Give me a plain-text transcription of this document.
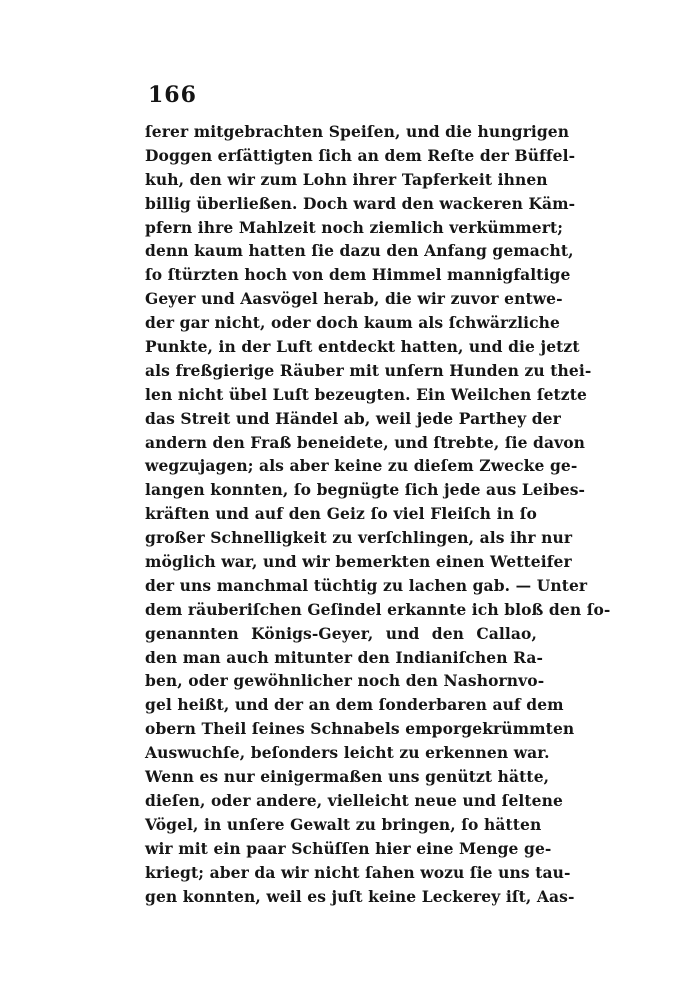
166
ſerer mitgebrachten Speiſen, und die hungrigen
Doggen erſättigten ſich an dem Reſte der Büffel-
kuh, den wir zum Lohn ihrer Tapferkeit ihnen
billig überließen. Doch ward den wackeren Käm-
pfern ihre Mahlzeit noch ziemlich verkümmert;
denn kaum hatten ſie dazu den Anfang gemacht,
ſo ſtürzten hoch von dem Himmel mannigfaltige
Geyer und Aasvögel herab, die wir zuvor entwe-
der gar nicht, oder doch kaum als ſchwärzliche
Punkte, in der Luft entdeckt hatten, und die jetzt
als freßgierige Räuber mit unſern Hunden zu thei-
len nicht übel Luſt bezeugten. Ein Weilchen ſetzte
das Streit und Händel ab, weil jede Parthey der
andern den Fraß beneidete, und ſtrebte, ſie davon
wegzujagen; als aber keine zu dieſem Zwecke ge-
langen konnten, ſo begnügte ſich jede aus Leibes-
kräften und auf den Geiz ſo viel Fleiſch in ſo
großer Schnelligkeit zu verſchlingen, als ihr nur
möglich war, und wir bemerkten einen Wetteifer
der uns manchmal tüchtig zu lachen gab. — Unter
dem räuberiſchen Geſindel erkannte ich bloß den ſo-
genannten Königs-Geyer, und den Callao,
den man auch mitunter den Indianiſchen Ra-
ben, oder gewöhnlicher noch den Nashornvo-
gel heißt, und der an dem ſonderbaren auf dem
obern Theil ſeines Schnabels emporgekrümmten
Auswuchſe, beſonders leicht zu erkennen war.
Wenn es nur einigermaßen uns genützt hätte,
dieſen, oder andere, vielleicht neue und ſeltene
Vögel, in unſere Gewalt zu bringen, ſo hätten
wir mit ein paar Schüſſen hier eine Menge ge-
kriegt; aber da wir nicht ſahen wozu ſie uns tau-
gen konnten, weil es juſt keine Leckerey iſt, Aas-
